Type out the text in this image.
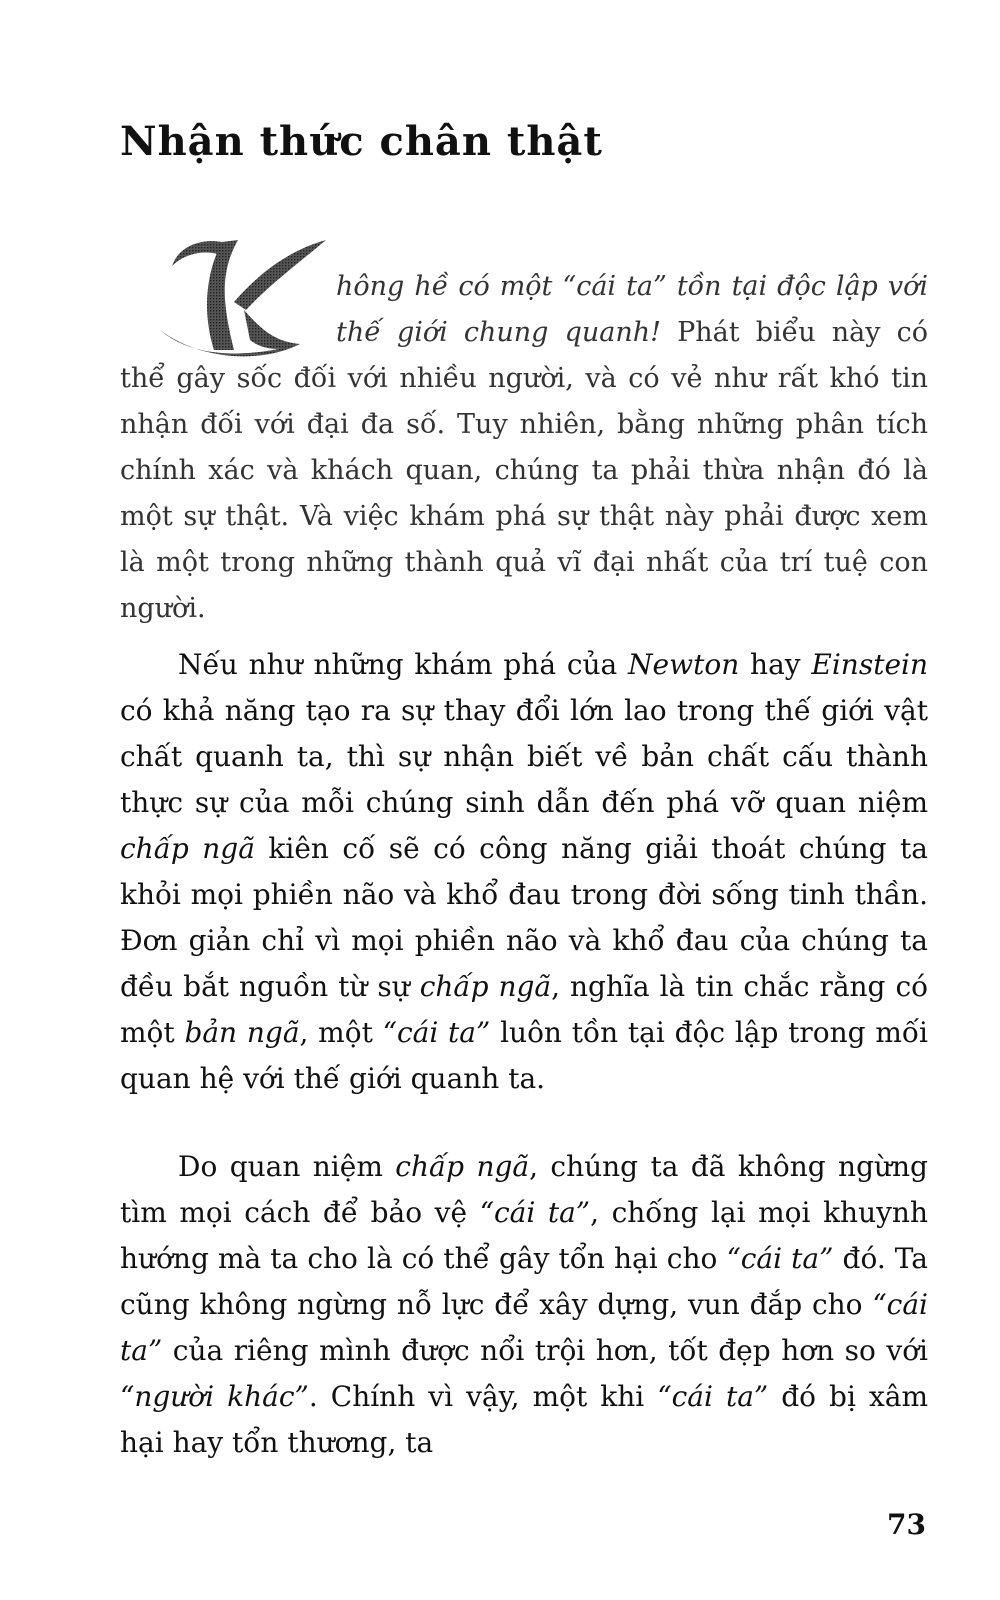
Nhận thức chân thật

hông hề có một “cái ta” tồn tại độc lập với thế giới chung quanh! Phát biểu này có thể gây sốc đối với nhiều người, và có vẻ như rất khó tin nhận đối với đại đa số. Tuy nhiên, bằng những phân tích chính xác và khách quan, chúng ta phải thừa nhận đó là một sự thật. Và việc khám phá sự thật này phải được xem là một trong những thành quả vĩ đại nhất của trí tuệ con người.

Nếu như những khám phá của Newton hay Einstein có khả năng tạo ra sự thay đổi lớn lao trong thế giới vật chất quanh ta, thì sự nhận biết về bản chất cấu thành thực sự của mỗi chúng sinh dẫn đến phá vỡ quan niệm chấp ngã kiên cố sẽ có công năng giải thoát chúng ta khỏi mọi phiền não và khổ đau trong đời sống tinh thần. Đơn giản chỉ vì mọi phiền não và khổ đau của chúng ta đều bắt nguồn từ sự chấp ngã, nghĩa là tin chắc rằng có một bản ngã, một “cái ta” luôn tồn tại độc lập trong mối quan hệ với thế giới quanh ta.

Do quan niệm chấp ngã, chúng ta đã không ngừng tìm mọi cách để bảo vệ “cái ta”, chống lại mọi khuynh hướng mà ta cho là có thể gây tổn hại cho “cái ta” đó. Ta cũng không ngừng nỗ lực để xây dựng, vun đắp cho “cái ta” của riêng mình được nổi trội hơn, tốt đẹp hơn so với “người khác”. Chính vì vậy, một khi “cái ta” đó bị xâm hại hay tổn thương, ta

73
